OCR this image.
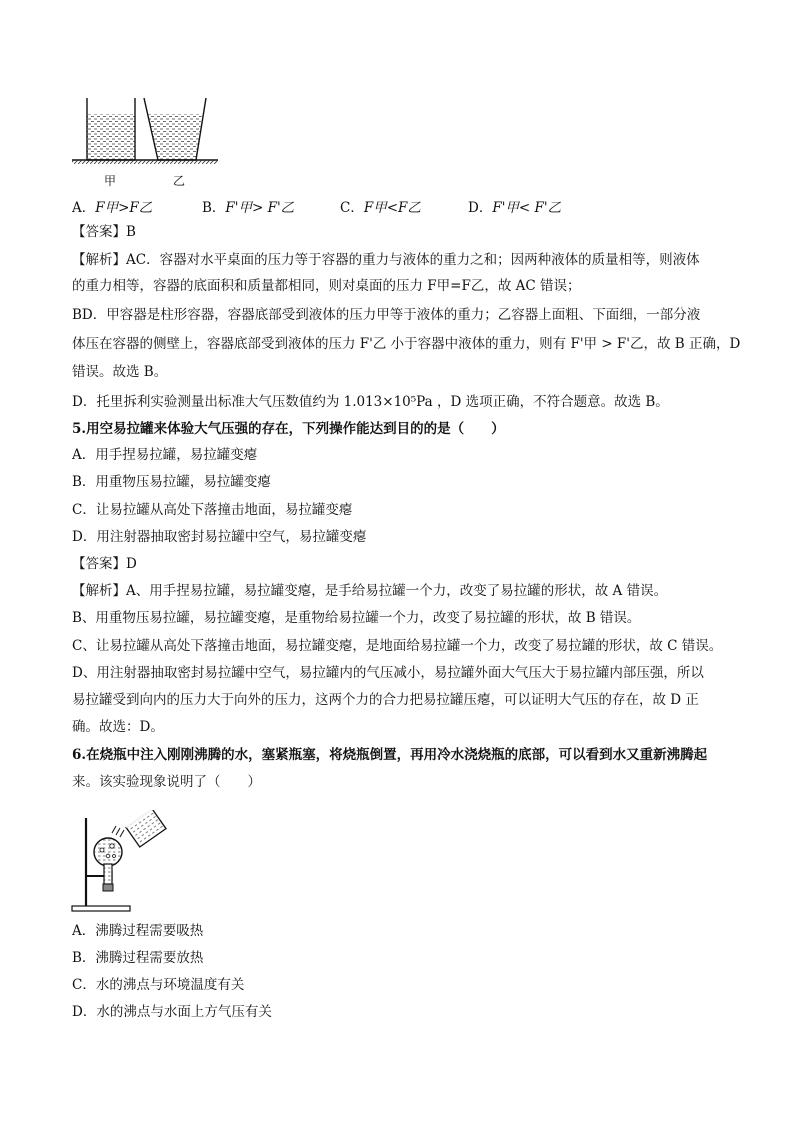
甲	乙
A．F甲>F乙	B．F'甲> F'乙	C．F甲<F乙	D．F'甲< F'乙
【答案】B
【解析】AC．容器对水平桌面的压力等于容器的重力与液体的重力之和；因两种液体的质量相等，则液体
的重力相等，容器的底面积和质量都相同，则对桌面的压力 F甲=F乙，故 AC 错误；
BD．甲容器是柱形容器，容器底部受到液体的压力甲等于液体的重力；乙容器上面粗、下面细，一部分液
体压在容器的侧壁上，容器底部受到液体的压力 F'乙 小于容器中液体的重力，则有 F'甲 > F'乙，故 B 正确，D
错误。故选 B。
D．托里拆利实验测量出标准大气压数值约为 1.013×10⁵Pa ，D 选项正确，不符合题意。故选 B。
5.用空易拉罐来体验大气压强的存在，下列操作能达到目的的是（　　）
A．用手捏易拉罐，易拉罐变瘪
B．用重物压易拉罐，易拉罐变瘪
C．让易拉罐从高处下落撞击地面，易拉罐变瘪
D．用注射器抽取密封易拉罐中空气，易拉罐变瘪
【答案】D
【解析】A、用手捏易拉罐，易拉罐变瘪，是手给易拉罐一个力，改变了易拉罐的形状，故 A 错误。
B、用重物压易拉罐，易拉罐变瘪，是重物给易拉罐一个力，改变了易拉罐的形状，故 B 错误。
C、让易拉罐从高处下落撞击地面，易拉罐变瘪，是地面给易拉罐一个力，改变了易拉罐的形状，故 C 错误。
D、用注射器抽取密封易拉罐中空气，易拉罐内的气压减小，易拉罐外面大气压大于易拉罐内部压强，所以
易拉罐受到向内的压力大于向外的压力，这两个力的合力把易拉罐压瘪，可以证明大气压的存在，故 D 正
确。故选：D。
6.在烧瓶中注入刚刚沸腾的水，塞紧瓶塞，将烧瓶倒置，再用冷水浇烧瓶的底部，可以看到水又重新沸腾起
来。该实验现象说明了（　　）
A．沸腾过程需要吸热
B．沸腾过程需要放热
C．水的沸点与环境温度有关
D．水的沸点与水面上方气压有关
